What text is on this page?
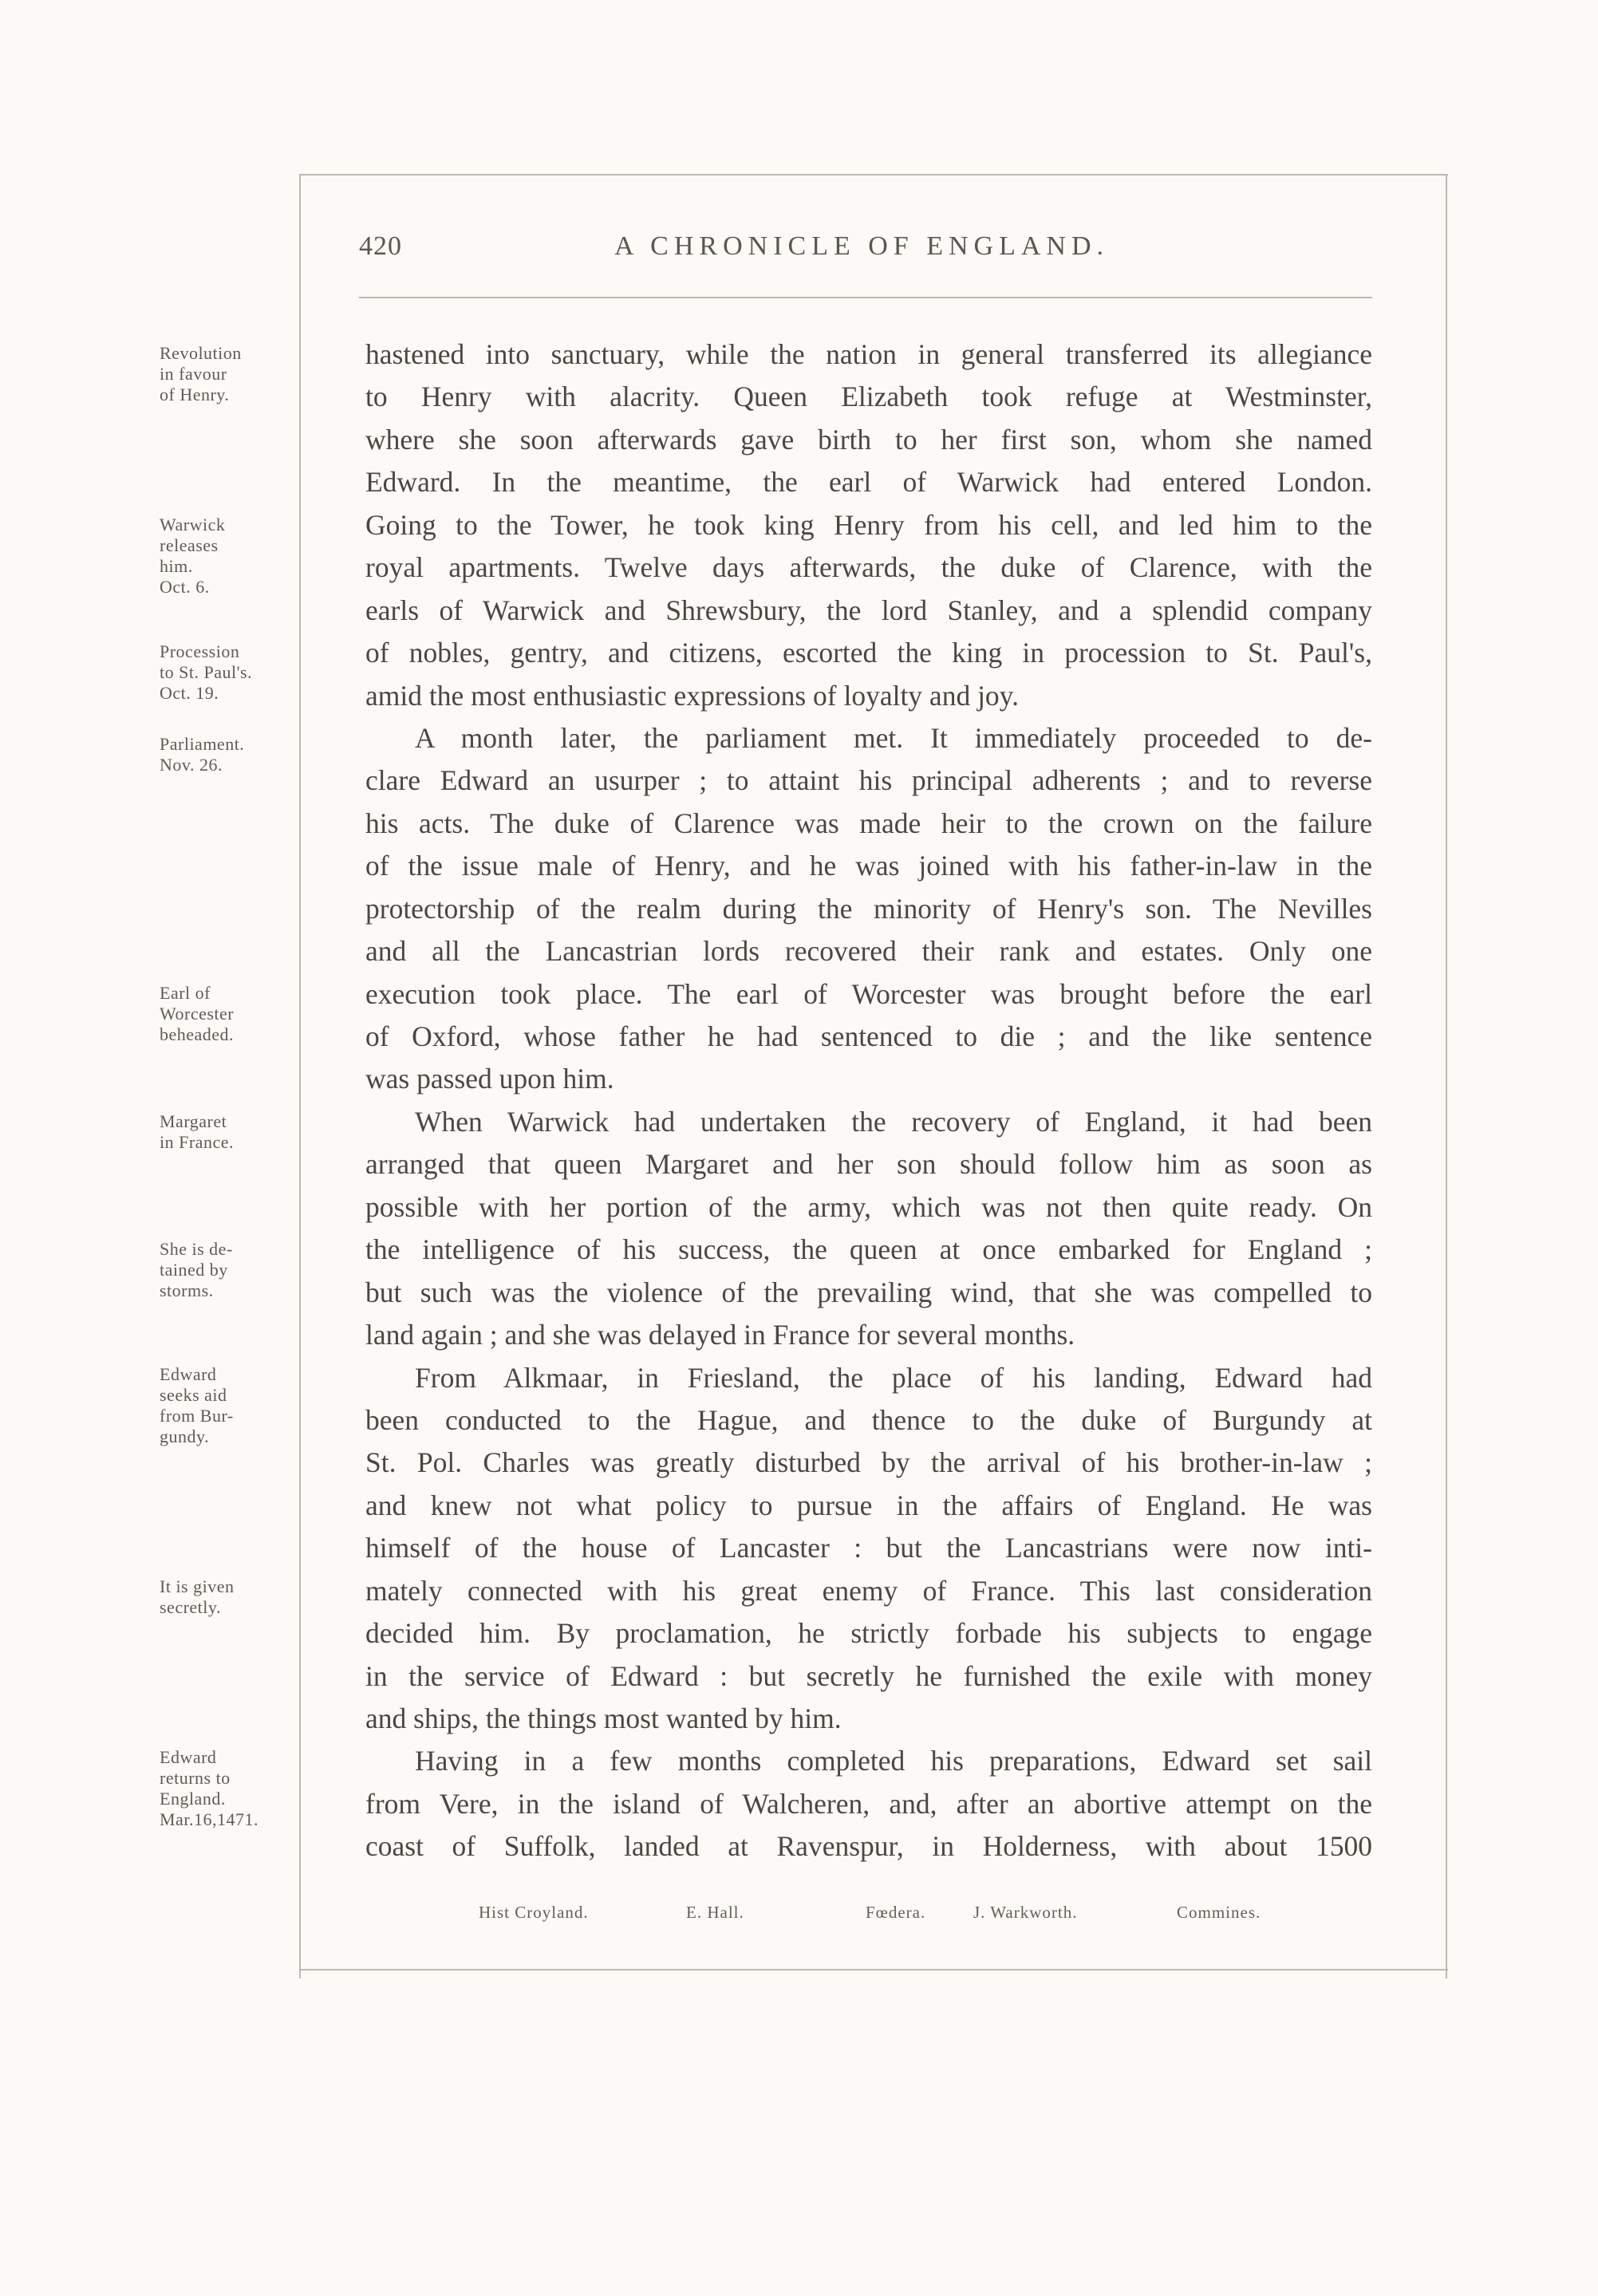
420	A CHRONICLE OF ENGLAND.
Revolution
in favour
of Henry.
Warwick
releases
him.
Oct. 6.
Procession
to St. Paul's.
Oct. 19.
Parliament.
Nov. 26.
Earl of
Worcester
beheaded.
Margaret
in France.
She is de-
tained by
storms.
Edward
seeks aid
from Bur-
gundy.
It is given
secretly.
Edward
returns to
England.
Mar.16,1471.
hastened into sanctuary, while the nation in general transferred its allegiance
to Henry with alacrity. Queen Elizabeth took refuge at Westminster,
where she soon afterwards gave birth to her first son, whom she named
Edward. In the meantime, the earl of Warwick had entered London.
Going to the Tower, he took king Henry from his cell, and led him to the
royal apartments. Twelve days afterwards, the duke of Clarence, with the
earls of Warwick and Shrewsbury, the lord Stanley, and a splendid company
of nobles, gentry, and citizens, escorted the king in procession to St. Paul's,
amid the most enthusiastic expressions of loyalty and joy.
A month later, the parliament met. It immediately proceeded to de-
clare Edward an usurper ; to attaint his principal adherents ; and to reverse
his acts. The duke of Clarence was made heir to the crown on the failure
of the issue male of Henry, and he was joined with his father-in-law in the
protectorship of the realm during the minority of Henry's son. The Nevilles
and all the Lancastrian lords recovered their rank and estates. Only one
execution took place. The earl of Worcester was brought before the earl
of Oxford, whose father he had sentenced to die ; and the like sentence
was passed upon him.
When Warwick had undertaken the recovery of England, it had been
arranged that queen Margaret and her son should follow him as soon as
possible with her portion of the army, which was not then quite ready. On
the intelligence of his success, the queen at once embarked for England ;
but such was the violence of the prevailing wind, that she was compelled to
land again ; and she was delayed in France for several months.
From Alkmaar, in Friesland, the place of his landing, Edward had
been conducted to the Hague, and thence to the duke of Burgundy at
St. Pol. Charles was greatly disturbed by the arrival of his brother-in-law ;
and knew not what policy to pursue in the affairs of England. He was
himself of the house of Lancaster : but the Lancastrians were now inti-
mately connected with his great enemy of France. This last consideration
decided him. By proclamation, he strictly forbade his subjects to engage
in the service of Edward : but secretly he furnished the exile with money
and ships, the things most wanted by him.
Having in a few months completed his preparations, Edward set sail
from Vere, in the island of Walcheren, and, after an abortive attempt on the
coast of Suffolk, landed at Ravenspur, in Holderness, with about 1500
Hist Croyland.	E. Hall.	Fœdera.	J. Warkworth.	Commines.
